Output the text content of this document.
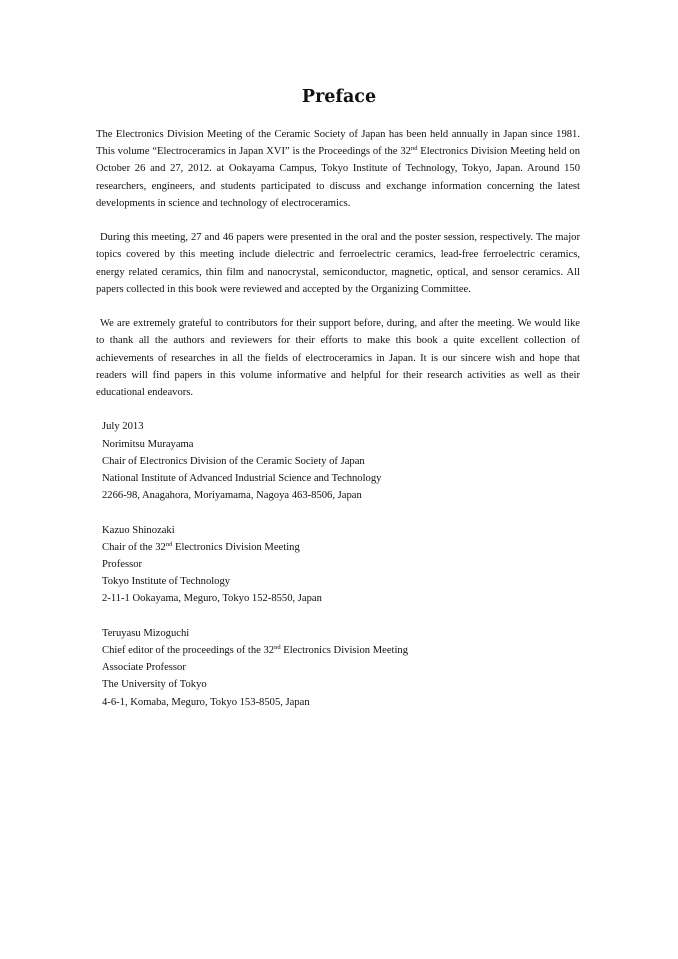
Preface

The Electronics Division Meeting of the Ceramic Society of Japan has been held annually in Japan since 1981. This volume “Electroceramics in Japan XVI” is the Proceedings of the 32nd Electronics Division Meeting held on October 26 and 27, 2012. at Ookayama Campus, Tokyo Institute of Technology, Tokyo, Japan. Around 150 researchers, engineers, and students participated to discuss and exchange information concerning the latest developments in science and technology of electroceramics.

During this meeting, 27 and 46 papers were presented in the oral and the poster session, respectively. The major topics covered by this meeting include dielectric and ferroelectric ceramics, lead-free ferroelectric ceramics, energy related ceramics, thin film and nanocrystal, semiconductor, magnetic, optical, and sensor ceramics. All papers collected in this book were reviewed and accepted by the Organizing Committee.

We are extremely grateful to contributors for their support before, during, and after the meeting. We would like to thank all the authors and reviewers for their efforts to make this book a quite excellent collection of achievements of researches in all the fields of electroceramics in Japan. It is our sincere wish and hope that readers will find papers in this volume informative and helpful for their research activities as well as their educational endeavors.

July 2013
Norimitsu Murayama
Chair of Electronics Division of the Ceramic Society of Japan
National Institute of Advanced Industrial Science and Technology
2266-98, Anagahora, Moriyamama, Nagoya 463-8506, Japan
Kazuo Shinozaki
Chair of the 32nd Electronics Division Meeting
Professor
Tokyo Institute of Technology
2-11-1 Ookayama, Meguro, Tokyo 152-8550, Japan
Teruyasu Mizoguchi
Chief editor of the proceedings of the 32nd Electronics Division Meeting
Associate Professor
The University of Tokyo
4-6-1, Komaba, Meguro, Tokyo 153-8505, Japan
